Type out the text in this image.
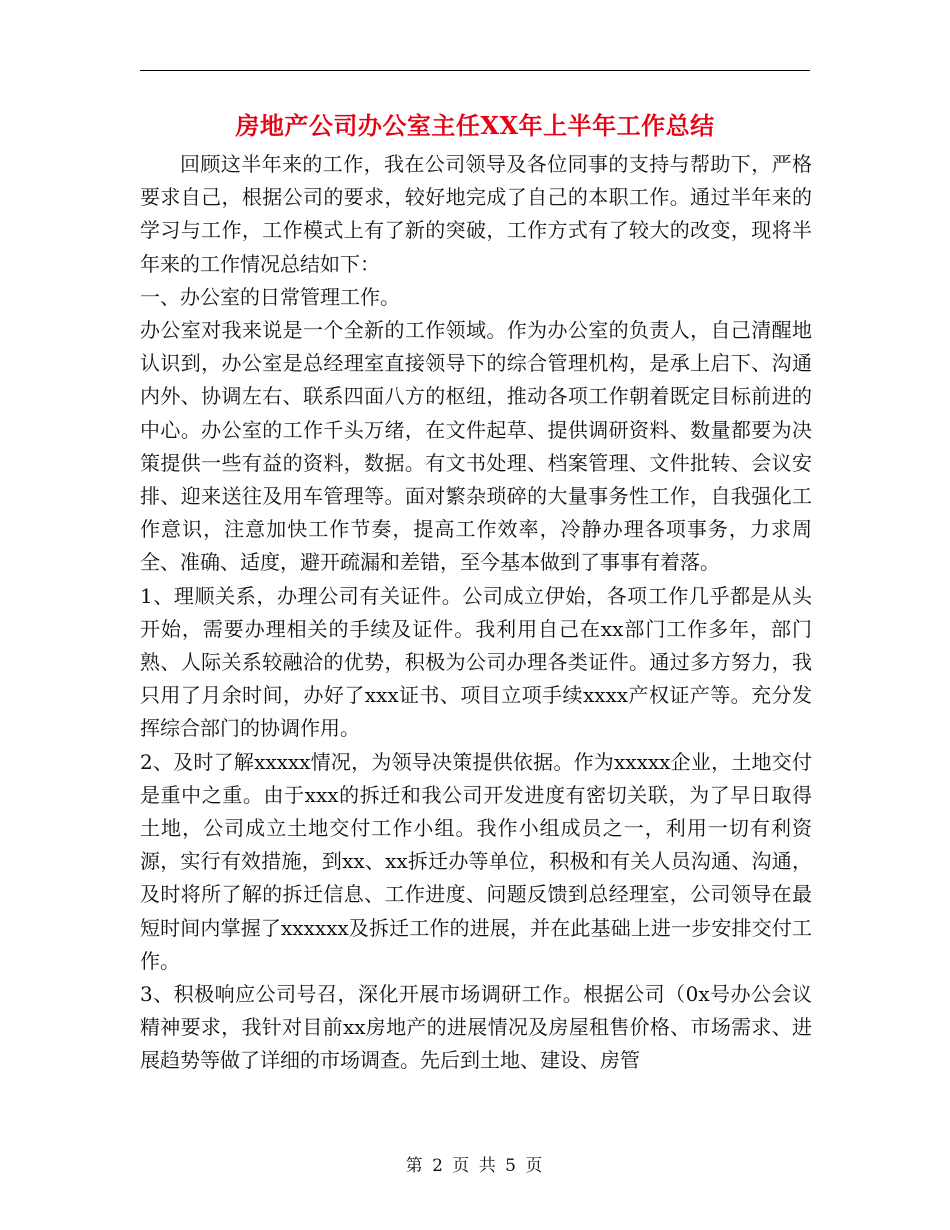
房地产公司办公室主任XX年上半年工作总结

回顾这半年来的工作，我在公司领导及各位同事的支持与帮助下，严格要求自己，根据公司的要求，较好地完成了自己的本职工作。通过半年来的学习与工作，工作模式上有了新的突破，工作方式有了较大的改变，现将半年来的工作情况总结如下：

一、办公室的日常管理工作。

办公室对我来说是一个全新的工作领域。作为办公室的负责人，自己清醒地认识到，办公室是总经理室直接领导下的综合管理机构，是承上启下、沟通内外、协调左右、联系四面八方的枢纽，推动各项工作朝着既定目标前进的中心。办公室的工作千头万绪，在文件起草、提供调研资料、数量都要为决策提供一些有益的资料，数据。有文书处理、档案管理、文件批转、会议安排、迎来送往及用车管理等。面对繁杂琐碎的大量事务性工作，自我强化工作意识，注意加快工作节奏，提高工作效率，冷静办理各项事务，力求周全、准确、适度，避开疏漏和差错，至今基本做到了事事有着落。

1、理顺关系，办理公司有关证件。公司成立伊始，各项工作几乎都是从头开始，需要办理相关的手续及证件。我利用自己在xx部门工作多年，部门熟、人际关系较融洽的优势，积极为公司办理各类证件。通过多方努力，我只用了月余时间，办好了xxx证书、项目立项手续xxxx产权证产等。充分发挥综合部门的协调作用。

2、及时了解xxxxx情况，为领导决策提供依据。作为xxxxx企业，土地交付是重中之重。由于xxx的拆迁和我公司开发进度有密切关联，为了早日取得土地，公司成立土地交付工作小组。我作小组成员之一，利用一切有利资源，实行有效措施，到xx、xx拆迁办等单位，积极和有关人员沟通、沟通，及时将所了解的拆迁信息、工作进度、问题反馈到总经理室，公司领导在最短时间内掌握了xxxxxx及拆迁工作的进展，并在此基础上进一步安排交付工作。

3、积极响应公司号召，深化开展市场调研工作。根据公司（0x号办公会议精神要求，我针对目前xx房地产的进展情况及房屋租售价格、市场需求、进展趋势等做了详细的市场调查。先后到土地、建设、房管

第 2 页 共 5 页
